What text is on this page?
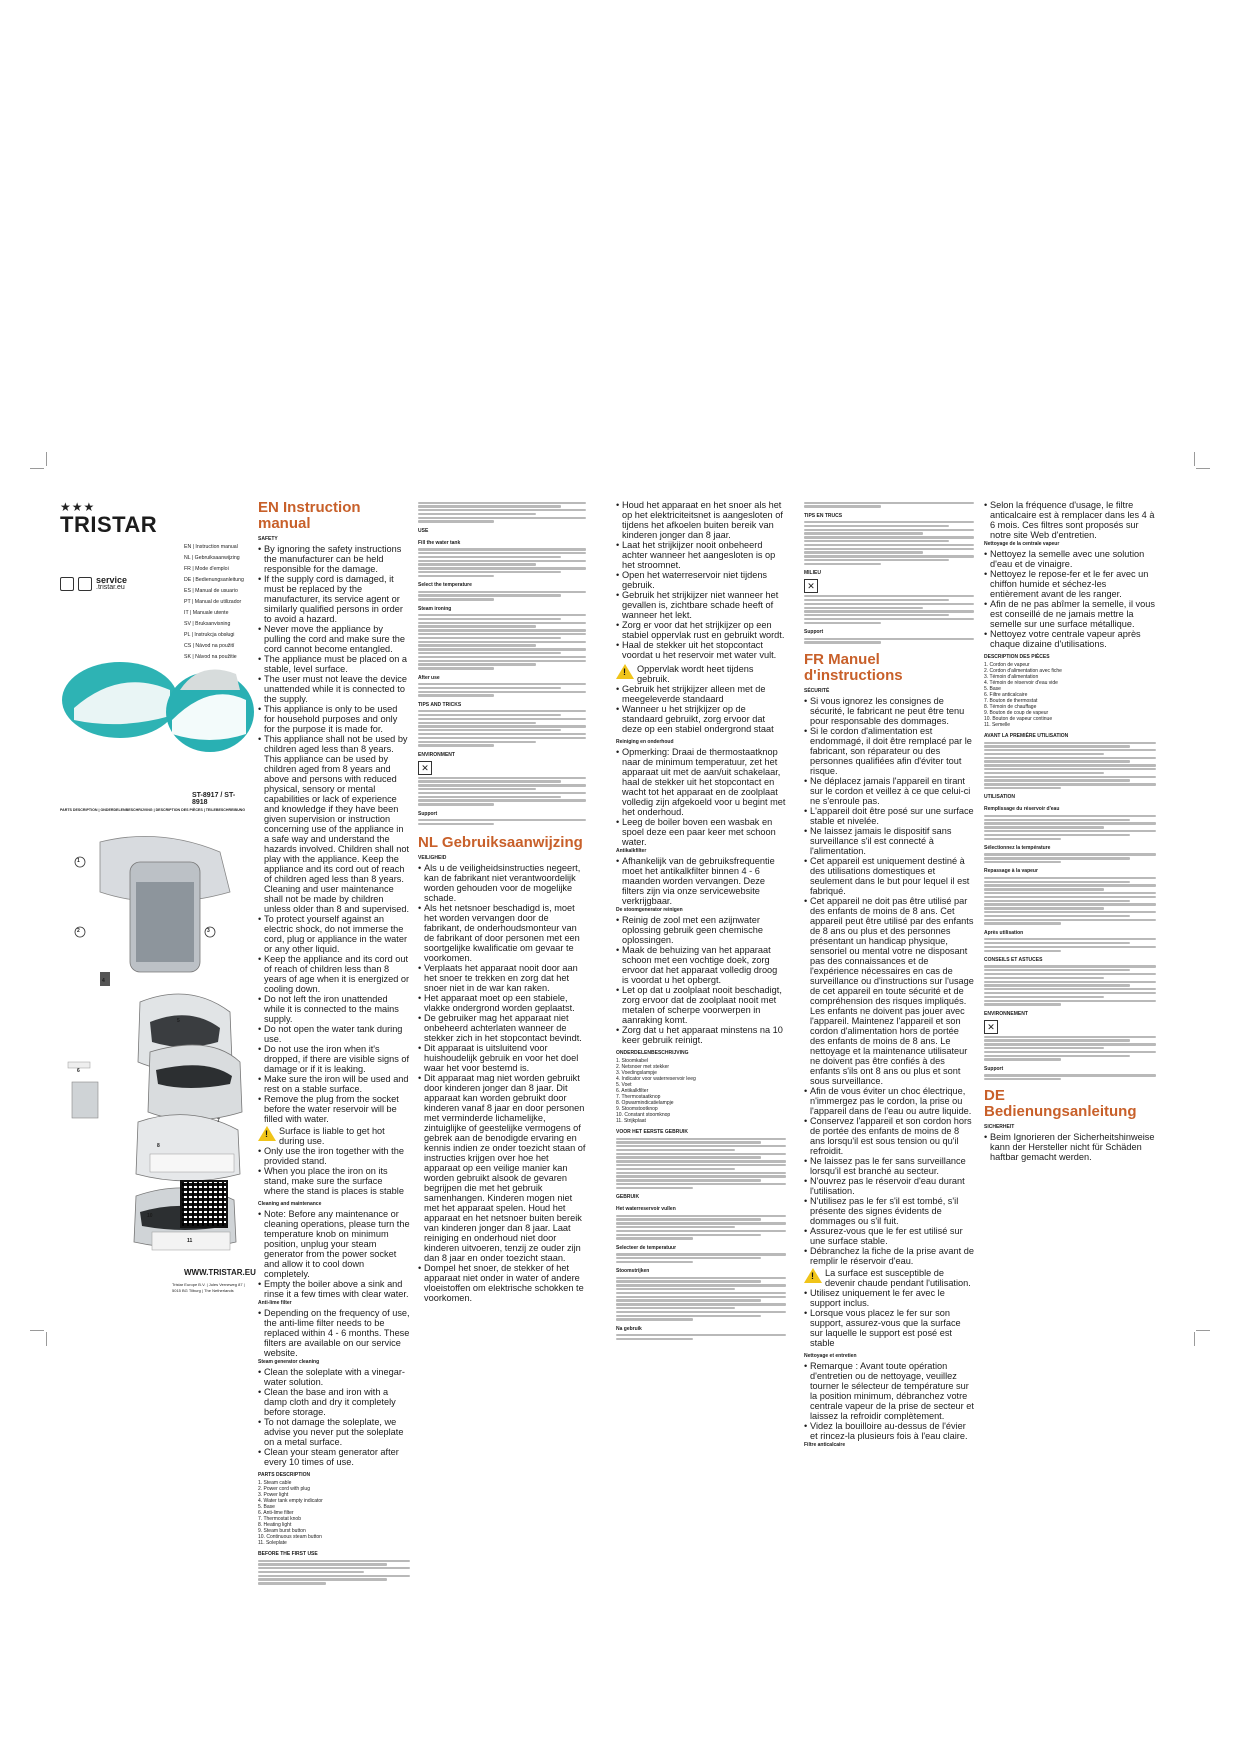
★★★
TRISTAR
service
.tristar.eu
EN | Instruction manual
NL | Gebruiksaanwijzing
FR | Mode d'emploi
DE | Bedienungsanleitung
ES | Manual de usuario
PT | Manual de utilizador
IT | Manuale utente
SV | Bruksanvisning
PL | Instrukcja obsługi
CS | Návod na použití
SK | Návod na použitie
ST-8917 / ST-8918
PARTS DESCRIPTION | ONDERDELENBESCHRIJVING | DESCRIPTION DES PIÈCES | TEILEBESCHREIBUNG
1
2	3
4
5
6
7
8
10
11
WWW.TRISTAR.EU
Tristar Europe B.V. | Jules Verneweg 87 | 5015 BG Tilburg | The Netherlands
EN Instruction manual
SAFETY
• By ignoring the safety instructions the manufacturer can be held responsible for the damage.
• If the supply cord is damaged, it must be replaced by the manufacturer, its service agent or similarly qualified persons in order to avoid a hazard.
• Never move the appliance by pulling the cord and make sure the cord cannot become entangled.
• The appliance must be placed on a stable, level surface.
• The user must not leave the device unattended while it is connected to the supply.
• This appliance is only to be used for household purposes and only for the purpose it is made for.
• This appliance shall not be used by children aged less than 8 years. This appliance can be used by children aged from 8 years and above and persons with reduced physical, sensory or mental capabilities or lack of experience and knowledge if they have been given supervision or instruction concerning use of the appliance in a safe way and understand the hazards involved. Children shall not play with the appliance. Keep the appliance and its cord out of reach of children aged less than 8 years. Cleaning and user maintenance shall not be made by children unless older than 8 and supervised.
• To protect yourself against an electric shock, do not immerse the cord, plug or appliance in the water or any other liquid.
• Keep the appliance and its cord out of reach of children less than 8 years of age when it is energized or cooling down.
• Do not left the iron unattended while it is connected to the mains supply.
• Do not open the water tank during use.
• Do not use the iron when it's dropped, if there are visible signs of damage or if it is leaking.
• Make sure the iron will be used and rest on a stable surface.
• Remove the plug from the socket before the water reservoir will be filled with water.
!
Surface is liable to get hot during use.
• Only use the iron together with the provided stand.
• When you place the iron on its stand, make sure the surface where the stand is places is stable
Cleaning and maintenance
• Note: Before any maintenance or cleaning operations, please turn the temperature knob on minimum position, unplug your steam generator from the power socket and allow it to cool down completely.
• Empty the boiler above a sink and rinse it a few times with clear water.
Anti-lime filter
• Depending on the frequency of use, the anti-lime filter needs to be replaced within 4 - 6 months. These filters are available on our service website.
Steam generator cleaning
• Clean the soleplate with a vinegar-water solution.
• Clean the base and iron with a damp cloth and dry it completely before storage.
• To not damage the soleplate, we advise you never put the soleplate on a metal surface.
• Clean your steam generator after every 10 times of use.
PARTS DESCRIPTION
1. Steam cable
2. Power cord with plug
3. Power light
4. Water tank empty indicator
5. Base
6. Anti-lime filter
7. Thermostat knob
8. Heating light
9. Steam burst button
10. Continuous steam button
11. Soleplate
BEFORE THE FIRST USE
USE
Fill the water tank
Select the temperature
Steam ironing
After use
TIPS AND TRICKS
ENVIRONMENT
✕
Support
NL Gebruiksaanwijzing
VEILIGHEID
• Als u de veiligheidsinstructies negeert, kan de fabrikant niet verantwoordelijk worden gehouden voor de mogelijke schade.
• Als het netsnoer beschadigd is, moet het worden vervangen door de fabrikant, de onderhoudsmonteur van de fabrikant of door personen met een soortgelijke kwalificatie om gevaar te voorkomen.
• Verplaats het apparaat nooit door aan het snoer te trekken en zorg dat het snoer niet in de war kan raken.
• Het apparaat moet op een stabiele, vlakke ondergrond worden geplaatst.
• De gebruiker mag het apparaat niet onbeheerd achterlaten wanneer de stekker zich in het stopcontact bevindt.
• Dit apparaat is uitsluitend voor huishoudelijk gebruik en voor het doel waar het voor bestemd is.
• Dit apparaat mag niet worden gebruikt door kinderen jonger dan 8 jaar. Dit apparaat kan worden gebruikt door kinderen vanaf 8 jaar en door personen met verminderde lichamelijke, zintuiglijke of geestelijke vermogens of gebrek aan de benodigde ervaring en kennis indien ze onder toezicht staan of instructies krijgen over hoe het apparaat op een veilige manier kan worden gebruikt alsook de gevaren begrijpen die met het gebruik samenhangen. Kinderen mogen niet met het apparaat spelen. Houd het apparaat en het netsnoer buiten bereik van kinderen jonger dan 8 jaar. Laat reiniging en onderhoud niet door kinderen uitvoeren, tenzij ze ouder zijn dan 8 jaar en onder toezicht staan.
• Dompel het snoer, de stekker of het apparaat niet onder in water of andere vloeistoffen om elektrische schokken te voorkomen.
• Houd het apparaat en het snoer als het op het elektriciteitsnet is aangesloten of tijdens het afkoelen buiten bereik van kinderen jonger dan 8 jaar.
• Laat het strijkijzer nooit onbeheerd achter wanneer het aangesloten is op het stroomnet.
• Open het waterreservoir niet tijdens gebruik.
• Gebruik het strijkijzer niet wanneer het gevallen is, zichtbare schade heeft of wanneer het lekt.
• Zorg er voor dat het strijkijzer op een stabiel oppervlak rust en gebruikt wordt.
• Haal de stekker uit het stopcontact voordat u het reservoir met water vult.
!
Oppervlak wordt heet tijdens gebruik.
• Gebruik het strijkijzer alleen met de meegeleverde standaard
• Wanneer u het strijkijzer op de standaard gebruikt, zorg ervoor dat deze op een stabiel ondergrond staat
Reiniging en onderhoud
• Opmerking: Draai de thermostaatknop naar de minimum temperatuur, zet het apparaat uit met de aan/uit schakelaar, haal de stekker uit het stopcontact en wacht tot het apparaat en de zoolplaat volledig zijn afgekoeld voor u begint met het onderhoud.
• Leeg de boiler boven een wasbak en spoel deze een paar keer met schoon water.
Antikalkfilter
• Afhankelijk van de gebruiksfrequentie moet het antikalkfilter binnen 4 - 6 maanden worden vervangen. Deze filters zijn via onze servicewebsite verkrijgbaar.
De stoomgenerator reinigen
• Reinig de zool met een azijnwater oplossing gebruik geen chemische oplossingen.
• Maak de behuizing van het apparaat schoon met een vochtige doek, zorg ervoor dat het apparaat volledig droog is voordat u het opbergt.
• Let op dat u zoolplaat nooit beschadigt, zorg ervoor dat de zoolplaat nooit met metalen of scherpe voorwerpen in aanraking komt.
• Zorg dat u het apparaat minstens na 10 keer gebruik reinigt.
ONDERDELENBESCHRIJVING
1. Stoomkabel
2. Netsnoer met stekker
3. Voedingslampje
4. Indicator voor waterreservoir leeg
5. Voet
6. Antikalkfilter
7. Thermostaatknop
8. Opwarmindicatielampje
9. Stoomstootknop
10. Constant stoomknop
11. Strijkplaat
VOOR HET EERSTE GEBRUIK
GEBRUIK
Het waterreservoir vullen
Selecteer de temperatuur
Stoomstrijken
Na gebruik
TIPS EN TRUCS
MILIEU
✕
Support
FR Manuel d'instructions
SÉCURITÉ
• Si vous ignorez les consignes de sécurité, le fabricant ne peut être tenu pour responsable des dommages.
• Si le cordon d'alimentation est endommagé, il doit être remplacé par le fabricant, son réparateur ou des personnes qualifiées afin d'éviter tout risque.
• Ne déplacez jamais l'appareil en tirant sur le cordon et veillez à ce que celui-ci ne s'enroule pas.
• L'appareil doit être posé sur une surface stable et nivelée.
• Ne laissez jamais le dispositif sans surveillance s'il est connecté à l'alimentation.
• Cet appareil est uniquement destiné à des utilisations domestiques et seulement dans le but pour lequel il est fabriqué.
• Cet appareil ne doit pas être utilisé par des enfants de moins de 8 ans. Cet appareil peut être utilisé par des enfants de 8 ans ou plus et des personnes présentant un handicap physique, sensoriel ou mental votre ne disposant pas des connaissances et de l'expérience nécessaires en cas de surveillance ou d'instructions sur l'usage de cet appareil en toute sécurité et de compréhension des risques impliqués. Les enfants ne doivent pas jouer avec l'appareil. Maintenez l'appareil et son cordon d'alimentation hors de portée des enfants de moins de 8 ans. Le nettoyage et la maintenance utilisateur ne doivent pas être confiés à des enfants s'ils ont 8 ans ou plus et sont sous surveillance.
• Afin de vous éviter un choc électrique, n'immergez pas le cordon, la prise ou l'appareil dans de l'eau ou autre liquide.
• Conservez l'appareil et son cordon hors de portée des enfants de moins de 8 ans lorsqu'il est sous tension ou qu'il refroidit.
• Ne laissez pas le fer sans surveillance lorsqu'il est branché au secteur.
• N'ouvrez pas le réservoir d'eau durant l'utilisation.
• N'utilisez pas le fer s'il est tombé, s'il présente des signes évidents de dommages ou s'il fuit.
• Assurez-vous que le fer est utilisé sur une surface stable.
• Débranchez la fiche de la prise avant de remplir le réservoir d'eau.
!
La surface est susceptible de devenir chaude pendant l'utilisation.
• Utilisez uniquement le fer avec le support inclus.
• Lorsque vous placez le fer sur son support, assurez-vous que la surface sur laquelle le support est posé est stable
Nettoyage et entretien
• Remarque : Avant toute opération d'entretien ou de nettoyage, veuillez tourner le sélecteur de température sur la position minimum, débranchez votre centrale vapeur de la prise de secteur et laissez la refroidir complètement.
• Videz la bouilloire au-dessus de l'évier et rincez-la plusieurs fois à l'eau claire.
Filtre anticalcaire
• Selon la fréquence d'usage, le filtre anticalcaire est à remplacer dans les 4 à 6 mois. Ces filtres sont proposés sur notre site Web d'entretien.
Nettoyage de la centrale vapeur
• Nettoyez la semelle avec une solution d'eau et de vinaigre.
• Nettoyez le repose-fer et le fer avec un chiffon humide et séchez-les entièrement avant de les ranger.
• Afin de ne pas abîmer la semelle, il vous est conseillé de ne jamais mettre la semelle sur une surface métallique.
• Nettoyez votre centrale vapeur après chaque dizaine d'utilisations.
DESCRIPTION DES PIÈCES
1. Cordon de vapeur
2. Cordon d'alimentation avec fiche
3. Témoin d'alimentation
4. Témoin de réservoir d'eau vide
5. Base
6. Filtre anticalcaire
7. Bouton de thermostat
8. Témoin de chauffage
9. Bouton de coup de vapeur
10. Bouton de vapeur continue
11. Semelle
AVANT LA PREMIÈRE UTILISATION
UTILISATION
Remplissage du réservoir d'eau
Sélectionnez la température
Repassage à la vapeur
Après utilisation
CONSEILS ET ASTUCES
ENVIRONNEMENT
✕
Support
DE Bedienungsanleitung
SICHERHEIT
• Beim Ignorieren der Sicherheitshinweise kann der Hersteller nicht für Schäden haftbar gemacht werden.
